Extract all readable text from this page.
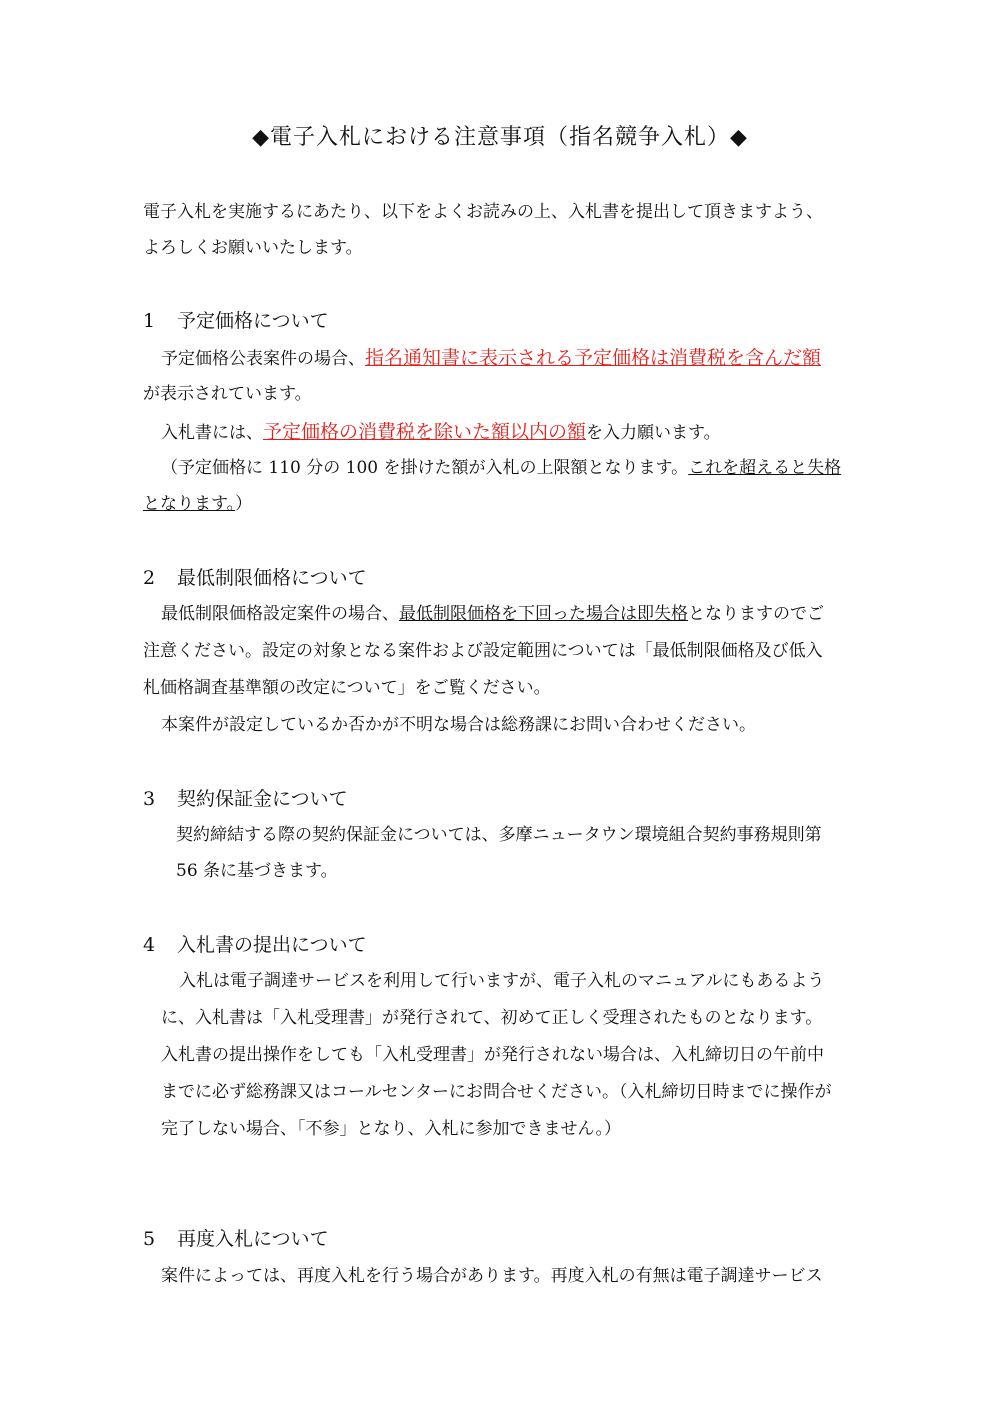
◆電子入札における注意事項（指名競争入札）◆
電子入札を実施するにあたり、以下をよくお読みの上、入札書を提出して頂きますよう、
よろしくお願いいたします。
1 予定価格について
予定価格公表案件の場合、指名通知書に表示される予定価格は消費税を含んだ額
が表示されています。
入札書には、予定価格の消費税を除いた額以内の額を入力願います。
（予定価格に 110 分の 100 を掛けた額が入札の上限額となります。これを超えると失格
となります。）
2 最低制限価格について
最低制限価格設定案件の場合、最低制限価格を下回った場合は即失格となりますのでご
注意ください。設定の対象となる案件および設定範囲については「最低制限価格及び低入
札価格調査基準額の改定について」をご覧ください。
本案件が設定しているか否かが不明な場合は総務課にお問い合わせください。
3 契約保証金について
契約締結する際の契約保証金については、多摩ニュータウン環境組合契約事務規則第
56 条に基づきます。
4 入札書の提出について
入札は電子調達サービスを利用して行いますが、電子入札のマニュアルにもあるよう
に、入札書は「入札受理書」が発行されて、初めて正しく受理されたものとなります。
入札書の提出操作をしても「入札受理書」が発行されない場合は、入札締切日の午前中
までに必ず総務課又はコールセンターにお問合せください。（入札締切日時までに操作が
完了しない場合、「不参」となり、入札に参加できません。）
5 再度入札について
案件によっては、再度入札を行う場合があります。再度入札の有無は電子調達サービス
